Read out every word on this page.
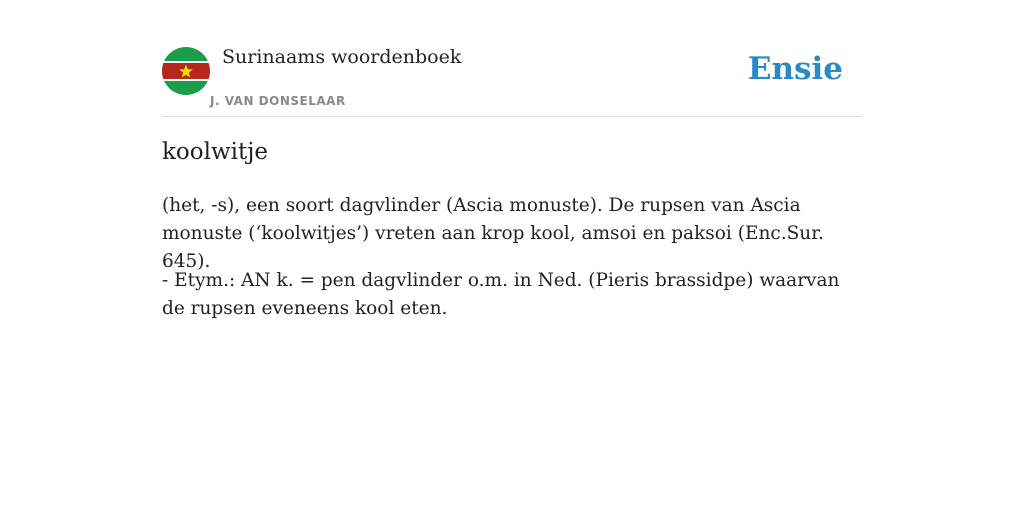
Surinaams woordenboek
J. VAN DONSELAAR
Ensie
koolwitje

(het, -s), een soort dagvlinder (Ascia monuste). De rupsen van Ascia monuste (‘koolwitjes’) vreten aan krop kool, amsoi en paksoi (Enc.Sur. 645).

- Etym.: AN k. = pen dagvlinder o.m. in Ned. (Pieris brassidpe) waarvan de rupsen eveneens kool eten.
